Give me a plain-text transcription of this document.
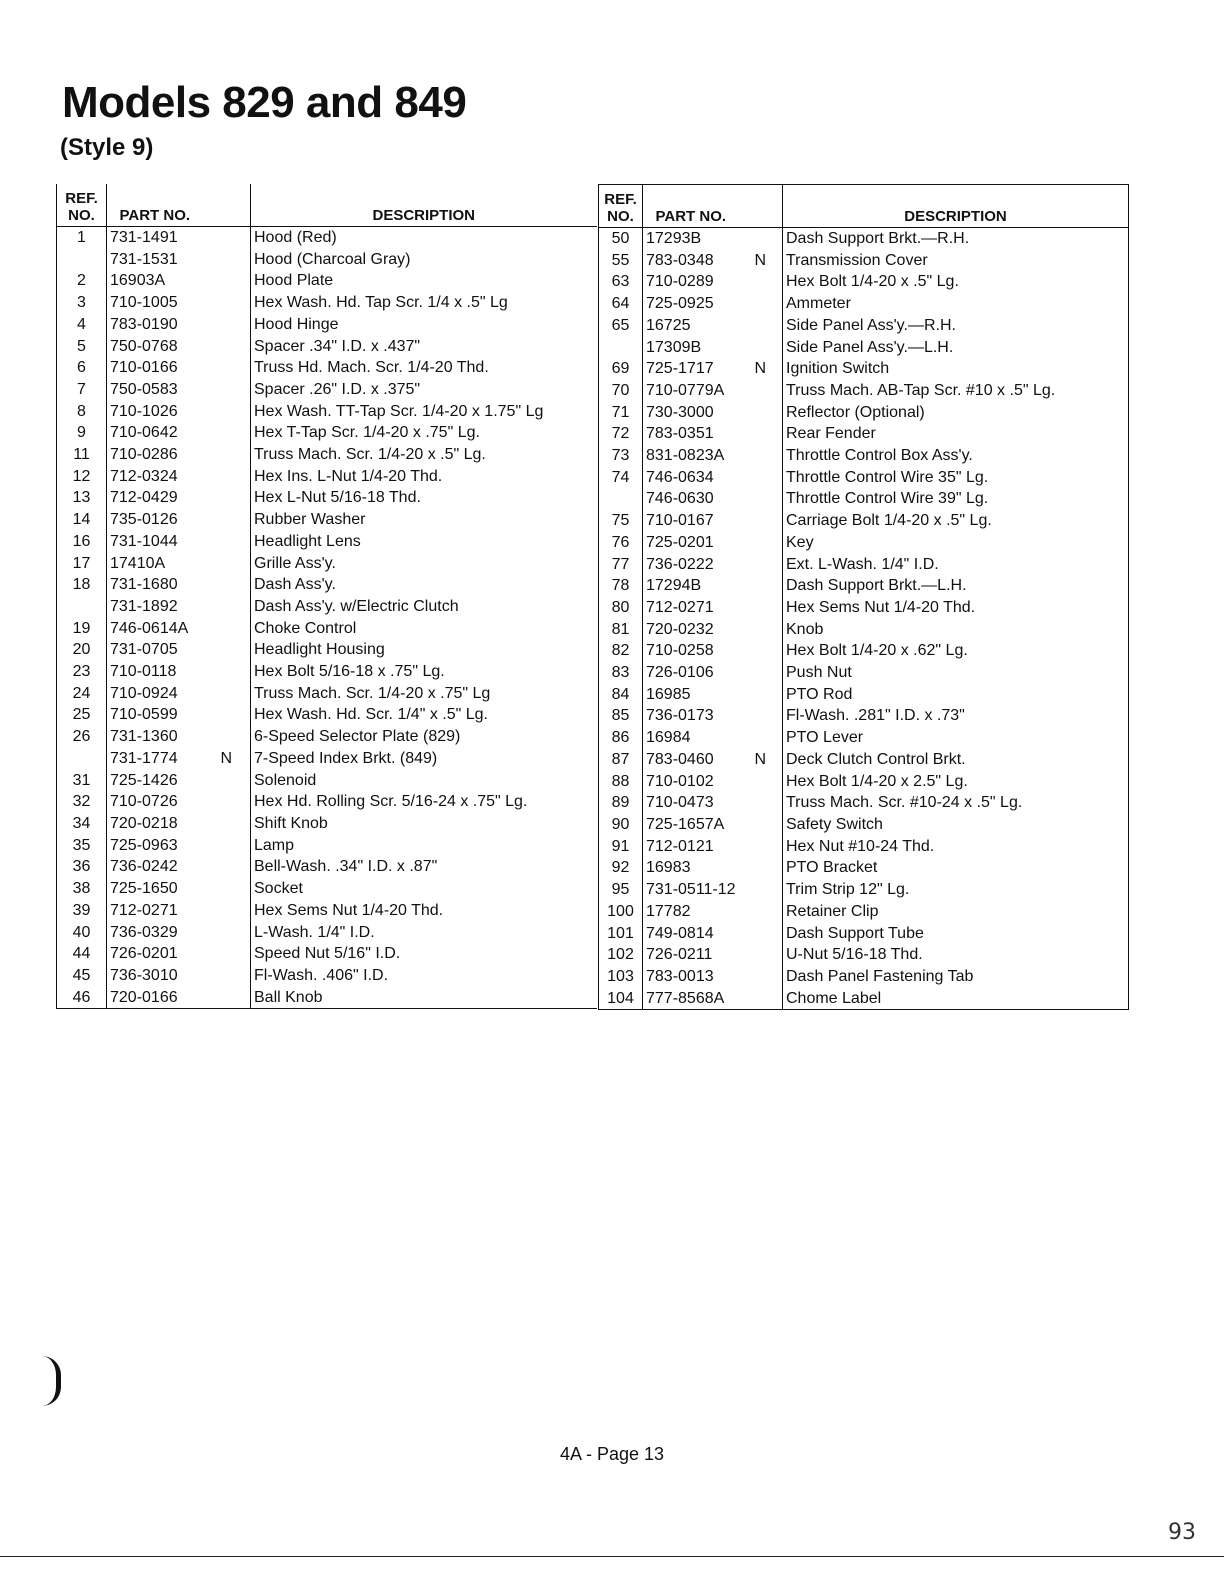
Models 829 and 849
(Style 9)
REF. NO.	PART NO.		DESCRIPTION
1	731-1491		Hood (Red)
	731-1531		Hood (Charcoal Gray)
2	16903A		Hood Plate
3	710-1005		Hex Wash. Hd. Tap Scr. 1/4 x .5" Lg
4	783-0190		Hood Hinge
5	750-0768		Spacer .34" I.D. x .437"
6	710-0166		Truss Hd. Mach. Scr. 1/4-20 Thd.
7	750-0583		Spacer .26" I.D. x .375"
8	710-1026		Hex Wash. TT-Tap Scr. 1/4-20 x 1.75" Lg
9	710-0642		Hex T-Tap Scr. 1/4-20 x .75" Lg.
11	710-0286		Truss Mach. Scr. 1/4-20 x .5" Lg.
12	712-0324		Hex Ins. L-Nut 1/4-20 Thd.
13	712-0429		Hex L-Nut 5/16-18 Thd.
14	735-0126		Rubber Washer
16	731-1044		Headlight Lens
17	17410A		Grille Ass'y.
18	731-1680		Dash Ass'y.
	731-1892		Dash Ass'y. w/Electric Clutch
19	746-0614A		Choke Control
20	731-0705		Headlight Housing
23	710-0118		Hex Bolt 5/16-18 x .75" Lg.
24	710-0924		Truss Mach. Scr. 1/4-20 x .75" Lg
25	710-0599		Hex Wash. Hd. Scr. 1/4" x .5" Lg.
26	731-1360		6-Speed Selector Plate (829)
	731-1774	N	7-Speed Index Brkt. (849)
31	725-1426		Solenoid
32	710-0726		Hex Hd. Rolling Scr. 5/16-24 x .75" Lg.
34	720-0218		Shift Knob
35	725-0963		Lamp
36	736-0242		Bell-Wash. .34" I.D. x .87"
38	725-1650		Socket
39	712-0271		Hex Sems Nut 1/4-20 Thd.
40	736-0329		L-Wash. 1/4" I.D.
44	726-0201		Speed Nut 5/16" I.D.
45	736-3010		Fl-Wash. .406" I.D.
46	720-0166		Ball Knob
REF. NO.	PART NO.		DESCRIPTION
50	17293B		Dash Support Brkt.—R.H.
55	783-0348	N	Transmission Cover
63	710-0289		Hex Bolt 1/4-20 x .5" Lg.
64	725-0925		Ammeter
65	16725		Side Panel Ass'y.—R.H.
	17309B		Side Panel Ass'y.—L.H.
69	725-1717	N	Ignition Switch
70	710-0779A		Truss Mach. AB-Tap Scr. #10 x .5" Lg.
71	730-3000		Reflector (Optional)
72	783-0351		Rear Fender
73	831-0823A		Throttle Control Box Ass'y.
74	746-0634		Throttle Control Wire 35" Lg.
	746-0630		Throttle Control Wire 39" Lg.
75	710-0167		Carriage Bolt 1/4-20 x .5" Lg.
76	725-0201		Key
77	736-0222		Ext. L-Wash. 1/4" I.D.
78	17294B		Dash Support Brkt.—L.H.
80	712-0271		Hex Sems Nut 1/4-20 Thd.
81	720-0232		Knob
82	710-0258		Hex Bolt 1/4-20 x .62" Lg.
83	726-0106		Push Nut
84	16985		PTO Rod
85	736-0173		Fl-Wash. .281" I.D. x .73"
86	16984		PTO Lever
87	783-0460	N	Deck Clutch Control Brkt.
88	710-0102		Hex Bolt 1/4-20 x 2.5" Lg.
89	710-0473		Truss Mach. Scr. #10-24 x .5" Lg.
90	725-1657A		Safety Switch
91	712-0121		Hex Nut #10-24 Thd.
92	16983		PTO Bracket
95	731-0511-12		Trim Strip 12" Lg.
100	17782		Retainer Clip
101	749-0814		Dash Support Tube
102	726-0211		U-Nut 5/16-18 Thd.
103	783-0013		Dash Panel Fastening Tab
104	777-8568A		Chome Label
4A - Page 13
93
